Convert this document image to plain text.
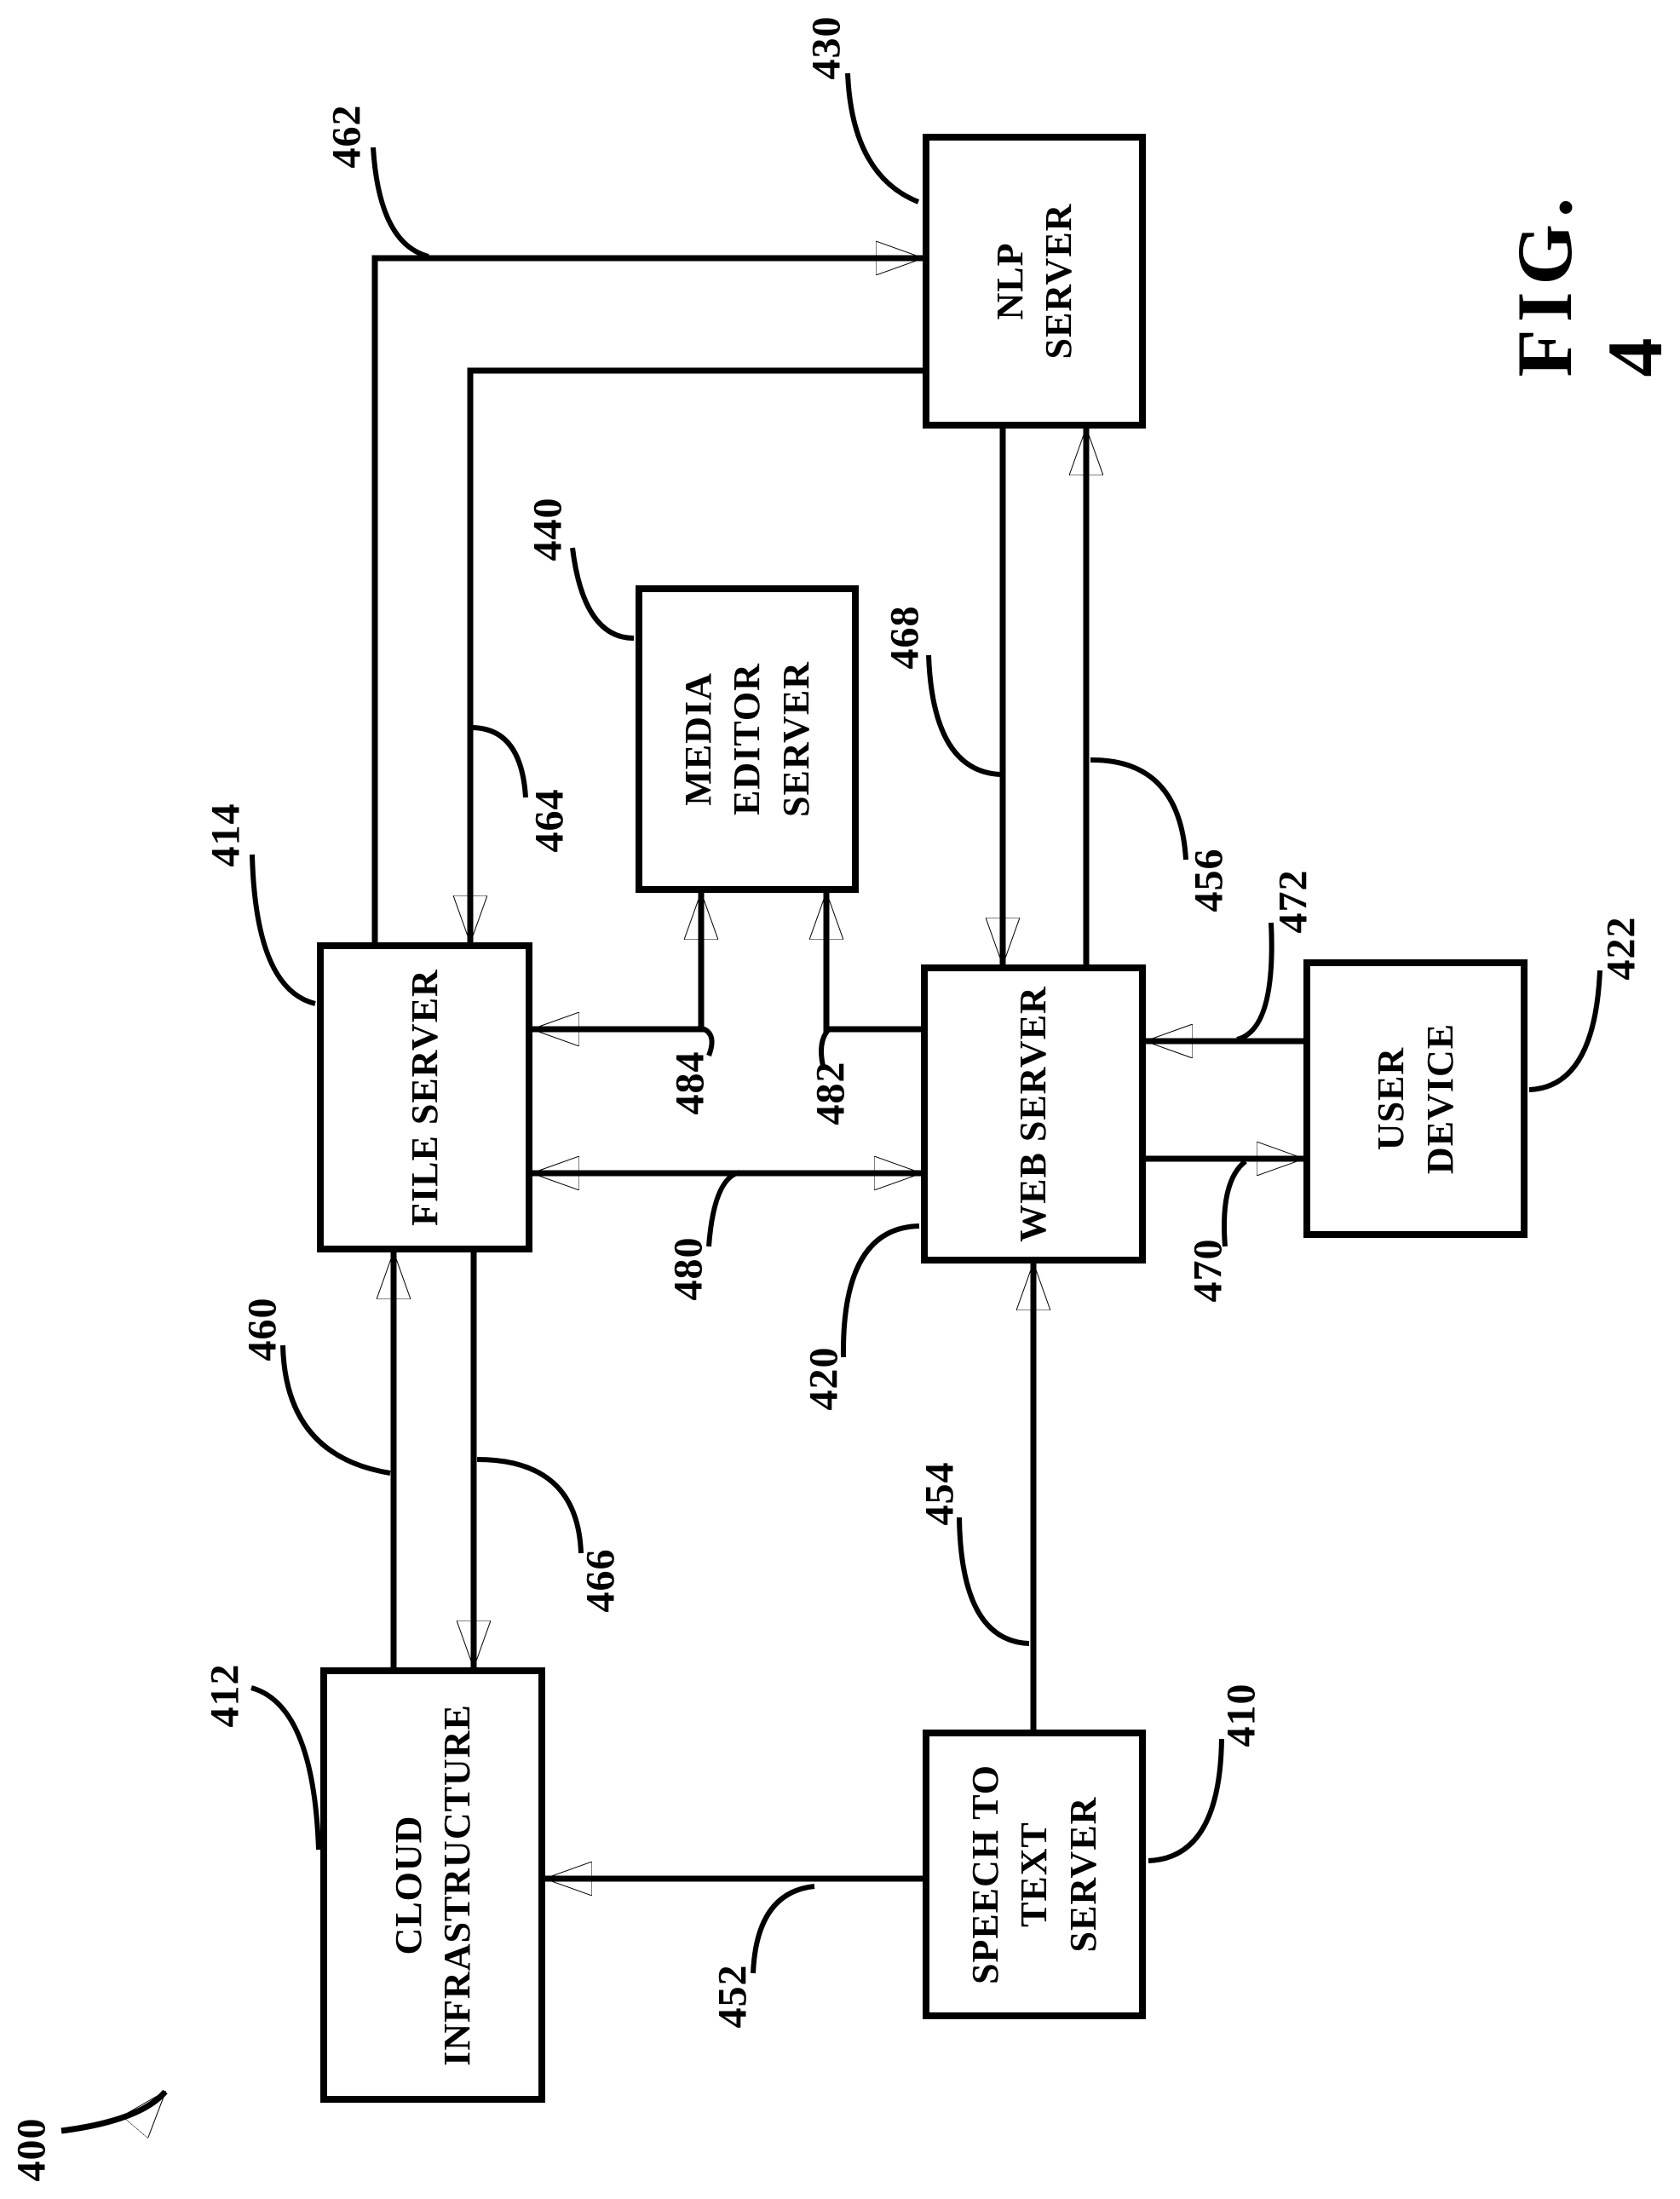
CLOUD
INFRASTRUCTURE
FILE SERVER
MEDIA
EDITOR
SERVER
NLP
SERVER
WEB SERVER	USER
DEVICE
SPEECH TO
TEXT
SERVER
400
412
414
440
430
420
422
410
462
464
468
456 472
470
480
484 482
460
466
452
454
FIG. 4
